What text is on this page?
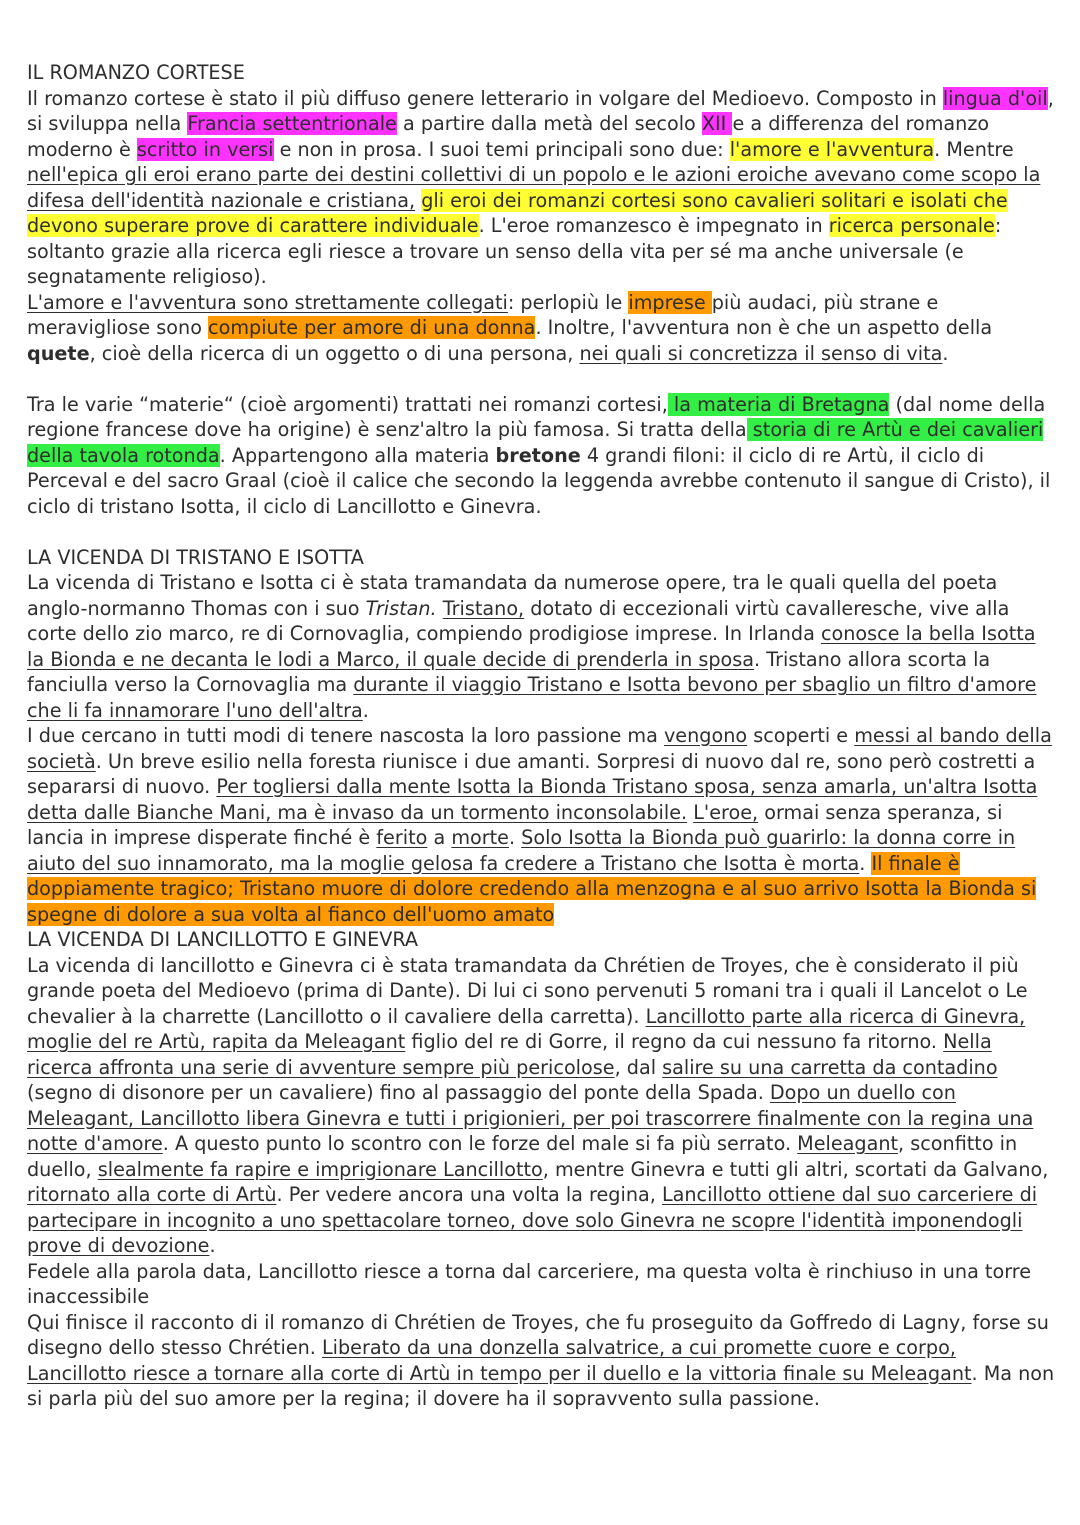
IL ROMANZO CORTESE

Il romanzo cortese è stato il più diffuso genere letterario in volgare del Medioevo. Composto in lingua d'oil, si sviluppa nella Francia settentrionale a partire dalla metà del secolo XII e a differenza del romanzo moderno è scritto in versi e non in prosa. I suoi temi principali sono due: l'amore e l'avventura. Mentre nell'epica gli eroi erano parte dei destini collettivi di un popolo e le azioni eroiche avevano come scopo la difesa dell'identità nazionale e cristiana, gli eroi dei romanzi cortesi sono cavalieri solitari e isolati che devono superare prove di carattere individuale. L'eroe romanzesco è impegnato in ricerca personale: soltanto grazie alla ricerca egli riesce a trovare un senso della vita per sé ma anche universale (e segnatamente religioso).

L'amore e l'avventura sono strettamente collegati: perlopiù le imprese più audaci, più strane e meravigliose sono compiute per amore di una donna. Inoltre, l'avventura non è che un aspetto della quete, cioè della ricerca di un oggetto o di una persona, nei quali si concretizza il senso di vita.

Tra le varie “materie“ (cioè argomenti) trattati nei romanzi cortesi, la materia di Bretagna (dal nome della regione francese dove ha origine) è senz'altro la più famosa. Si tratta della storia di re Artù e dei cavalieri della tavola rotonda. Appartengono alla materia bretone 4 grandi filoni: il ciclo di re Artù, il ciclo di Perceval e del sacro Graal (cioè il calice che secondo la leggenda avrebbe contenuto il sangue di Cristo), il ciclo di tristano Isotta, il ciclo di Lancillotto e Ginevra.

LA VICENDA DI TRISTANO E ISOTTA

La vicenda di Tristano e Isotta ci è stata tramandata da numerose opere, tra le quali quella del poeta anglo-normanno Thomas con i suo Tristan. Tristano, dotato di eccezionali virtù cavalleresche, vive alla corte dello zio marco, re di Cornovaglia, compiendo prodigiose imprese. In Irlanda conosce la bella Isotta la Bionda e ne decanta le lodi a Marco, il quale decide di prenderla in sposa. Tristano allora scorta la fanciulla verso la Cornovaglia ma durante il viaggio Tristano e Isotta bevono per sbaglio un filtro d'amore che li fa innamorare l'uno dell'altra.

I due cercano in tutti modi di tenere nascosta la loro passione ma vengono scoperti e messi al bando della società. Un breve esilio nella foresta riunisce i due amanti. Sorpresi di nuovo dal re, sono però costretti a separarsi di nuovo. Per togliersi dalla mente Isotta la Bionda Tristano sposa, senza amarla, un'altra Isotta detta dalle Bianche Mani, ma è invaso da un tormento inconsolabile. L'eroe, ormai senza speranza, si lancia in imprese disperate finché è ferito a morte. Solo Isotta la Bionda può guarirlo: la donna corre in aiuto del suo innamorato, ma la moglie gelosa fa credere a Tristano che Isotta è morta. Il finale è doppiamente tragico; Tristano muore di dolore credendo alla menzogna e al suo arrivo Isotta la Bionda si spegne di dolore a sua volta al fianco dell'uomo amato

LA VICENDA DI LANCILLOTTO E GINEVRA

La vicenda di lancillotto e Ginevra ci è stata tramandata da Chrétien de Troyes, che è considerato il più grande poeta del Medioevo (prima di Dante). Di lui ci sono pervenuti 5 romani tra i quali il Lancelot o Le chevalier à la charrette (Lancillotto o il cavaliere della carretta). Lancillotto parte alla ricerca di Ginevra, moglie del re Artù, rapita da Meleagant figlio del re di Gorre, il regno da cui nessuno fa ritorno. Nella ricerca affronta una serie di avventure sempre più pericolose, dal salire su una carretta da contadino (segno di disonore per un cavaliere) fino al passaggio del ponte della Spada. Dopo un duello con Meleagant, Lancillotto libera Ginevra e tutti i prigionieri, per poi trascorrere finalmente con la regina una notte d'amore. A questo punto lo scontro con le forze del male si fa più serrato. Meleagant, sconfitto in duello, slealmente fa rapire e imprigionare Lancillotto, mentre Ginevra e tutti gli altri, scortati da Galvano, ritornato alla corte di Artù. Per vedere ancora una volta la regina, Lancillotto ottiene dal suo carceriere di partecipare in incognito a uno spettacolare torneo, dove solo Ginevra ne scopre l'identità imponendogli prove di devozione.

Fedele alla parola data, Lancillotto riesce a torna dal carceriere, ma questa volta è rinchiuso in una torre inaccessibile

Qui finisce il racconto di il romanzo di Chrétien de Troyes, che fu proseguito da Goffredo di Lagny, forse su disegno dello stesso Chrétien. Liberato da una donzella salvatrice, a cui promette cuore e corpo, Lancillotto riesce a tornare alla corte di Artù in tempo per il duello e la vittoria finale su Meleagant. Ma non si parla più del suo amore per la regina; il dovere ha il sopravvento sulla passione.
